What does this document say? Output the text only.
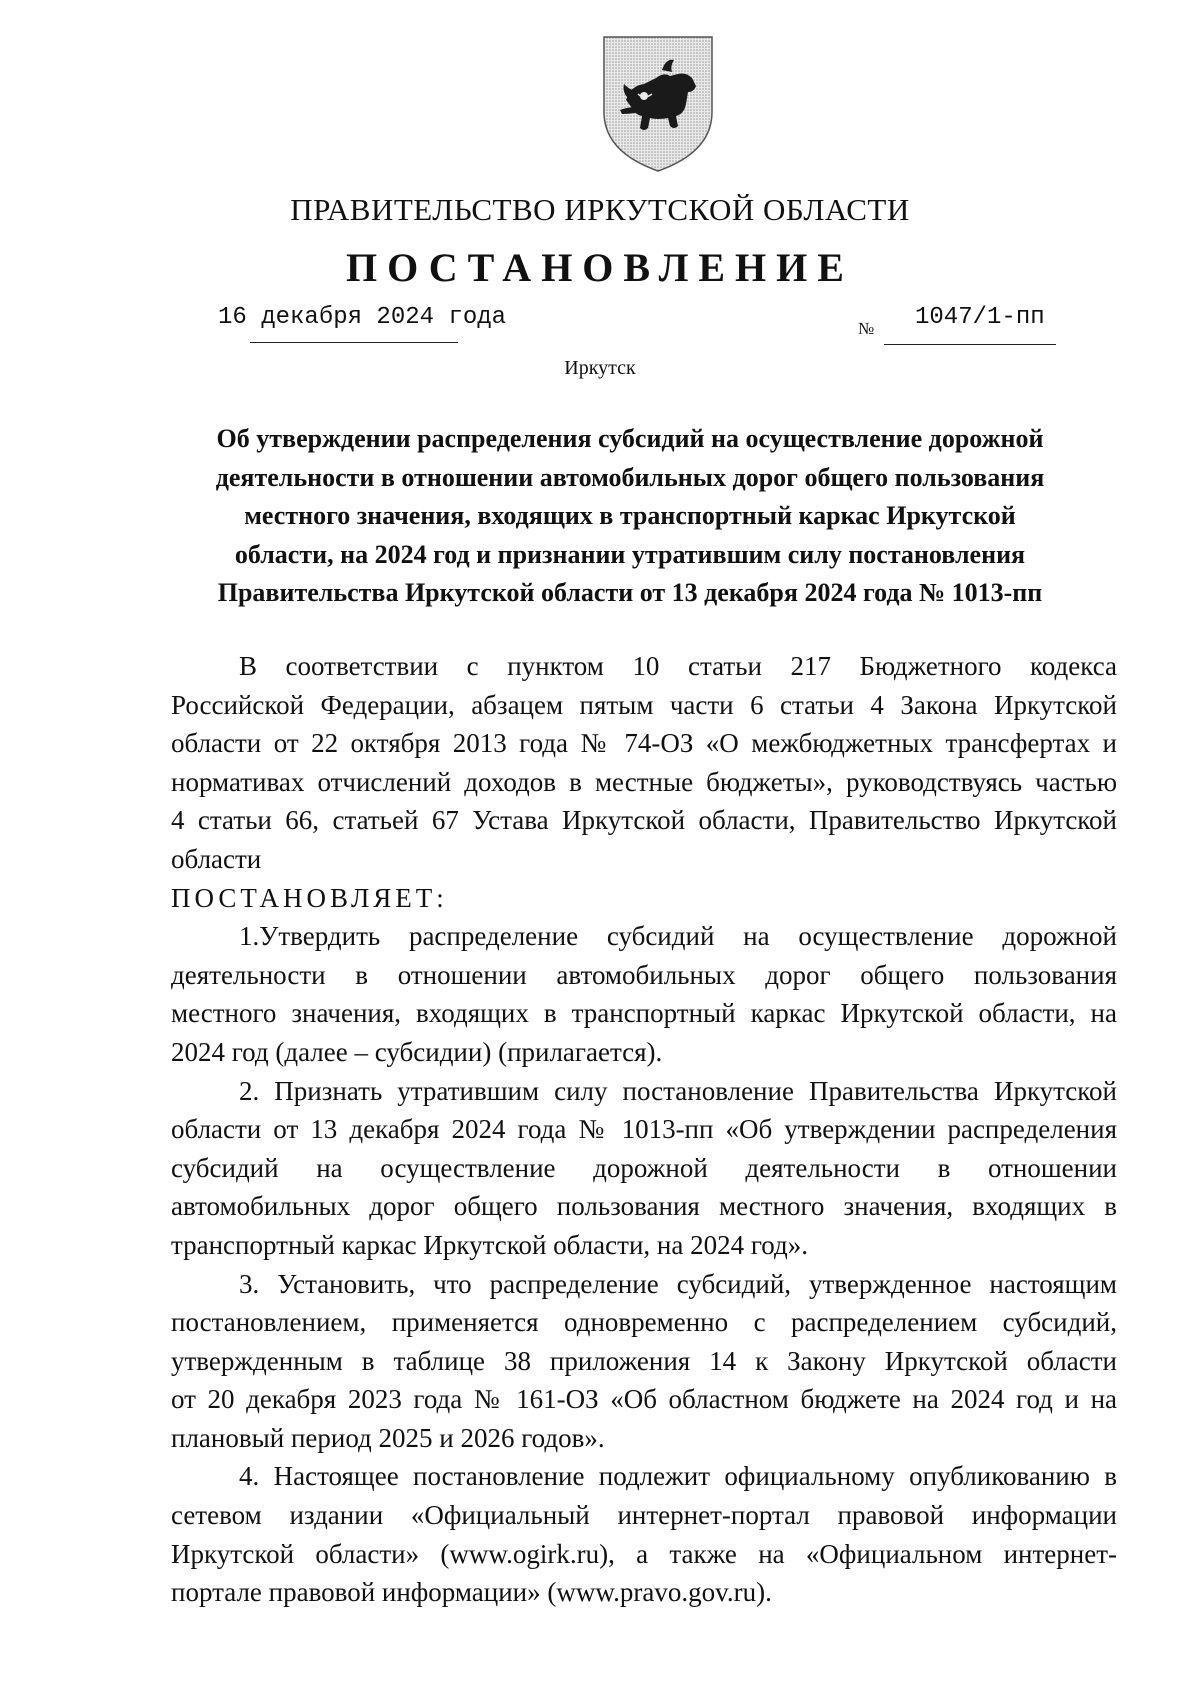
ПРАВИТЕЛЬСТВО ИРКУТСКОЙ ОБЛАСТИ
ПОСТАНОВЛЕНИЕ
16 декабря 2024 года	№ 1047/1-пп
Иркутск
Об утверждении распределения субсидий на осуществление дорожной
деятельности в отношении автомобильных дорог общего пользования
местного значения, входящих в транспортный каркас Иркутской
области, на 2024 год и признании утратившим силу постановления
Правительства Иркутской области от 13 декабря 2024 года № 1013-пп
В соответствии с пунктом 10 статьи 217 Бюджетного кодекса
Российской Федерации, абзацем пятым части 6 статьи 4 Закона Иркутской
области от 22 октября 2013 года № 74-ОЗ «О межбюджетных трансфертах и
нормативах отчислений доходов в местные бюджеты», руководствуясь частью
4 статьи 66, статьей 67 Устава Иркутской области, Правительство Иркутской
области
ПОСТАНОВЛЯЕТ:
1.Утвердить распределение субсидий на осуществление дорожной
деятельности в отношении автомобильных дорог общего пользования
местного значения, входящих в транспортный каркас Иркутской области, на
2024 год (далее – субсидии) (прилагается).
2. Признать утратившим силу постановление Правительства Иркутской
области от 13 декабря 2024 года № 1013-пп «Об утверждении распределения
субсидий на осуществление дорожной деятельности в отношении
автомобильных дорог общего пользования местного значения, входящих в
транспортный каркас Иркутской области, на 2024 год».
3. Установить, что распределение субсидий, утвержденное настоящим
постановлением, применяется одновременно с распределением субсидий,
утвержденным в таблице 38 приложения 14 к Закону Иркутской области
от 20 декабря 2023 года № 161-ОЗ «Об областном бюджете на 2024 год и на
плановый период 2025 и 2026 годов».
4. Настоящее постановление подлежит официальному опубликованию в
сетевом издании «Официальный интернет-портал правовой информации
Иркутской области» (www.ogirk.ru), а также на «Официальном интернет-
портале правовой информации» (www.pravo.gov.ru).
